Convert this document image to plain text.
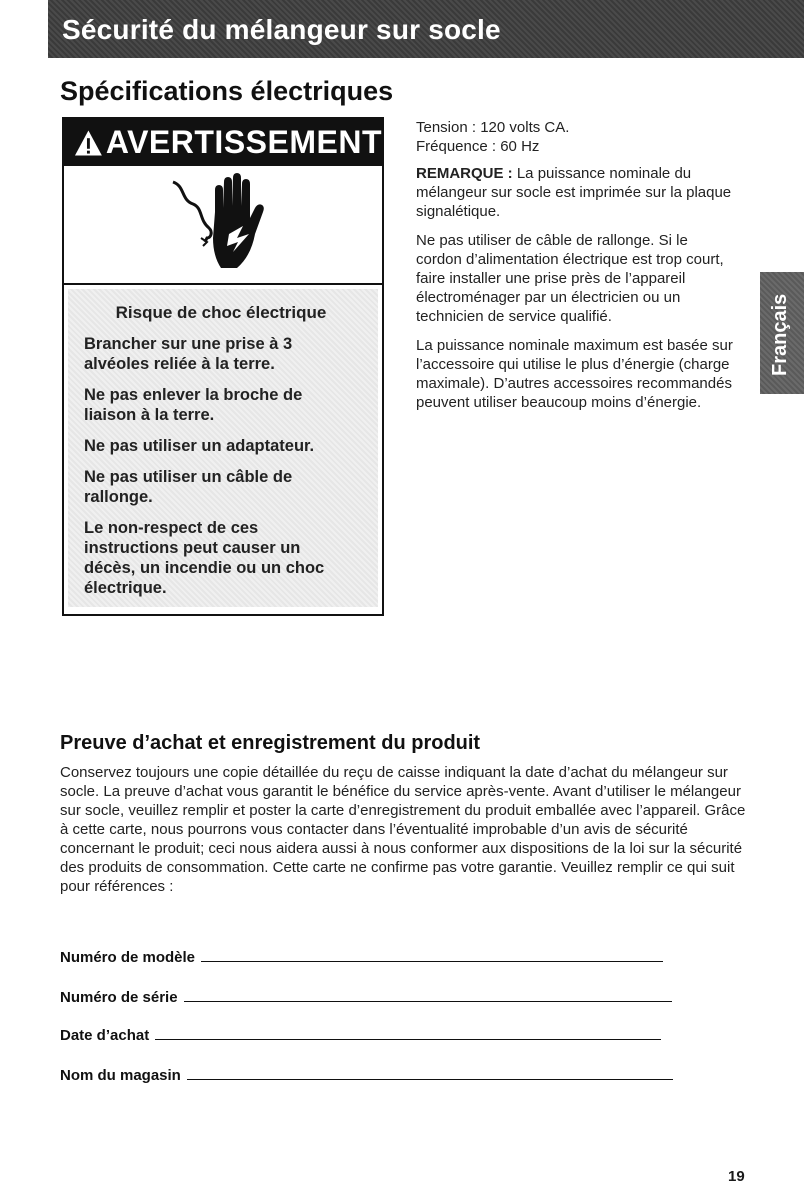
Sécurité du mélangeur sur socle
Spécifications électriques
AVERTISSEMENT
Risque de choc électrique
Brancher sur une prise à 3 alvéoles reliée à la terre.
Ne pas enlever la broche de liaison à la terre.
Ne pas utiliser un adaptateur.
Ne pas utiliser un câble de rallonge.
Le non-respect de ces instructions peut causer un décès, un incendie ou un choc électrique.

Tension : 120 volts CA.

Fréquence : 60 Hz

REMARQUE : La puissance nominale du mélangeur sur socle est imprimée sur la plaque signalétique.

Ne pas utiliser de câble de rallonge. Si le cordon d’alimentation électrique est trop court, faire installer une prise près de l’appareil électroménager par un électricien ou un technicien de service qualifié.

La puissance nominale maximum est basée sur l’accessoire qui utilise le plus d’énergie (charge maximale). D’autres accessoires recommandés peuvent utiliser beaucoup moins d’énergie.

Français
Preuve d’achat et enregistrement du produit
Conservez toujours une copie détaillée du reçu de caisse indiquant la date d’achat du mélangeur sur socle. La preuve d’achat vous garantit le bénéfice du service après-vente. Avant d’utiliser le mélangeur sur socle, veuillez remplir et poster la carte d’enregistrement du produit emballée avec l’appareil. Grâce à cette carte, nous pourrons vous contacter dans l’éventualité improbable d’un avis de sécurité concernant le produit; ceci nous aidera aussi à nous conformer aux dispositions de la loi sur la sécurité des produits de consommation. Cette carte ne confirme pas votre garantie. Veuillez remplir ce qui suit pour références :
Numéro de modèle
Numéro de série
Date d’achat
Nom du magasin
19
